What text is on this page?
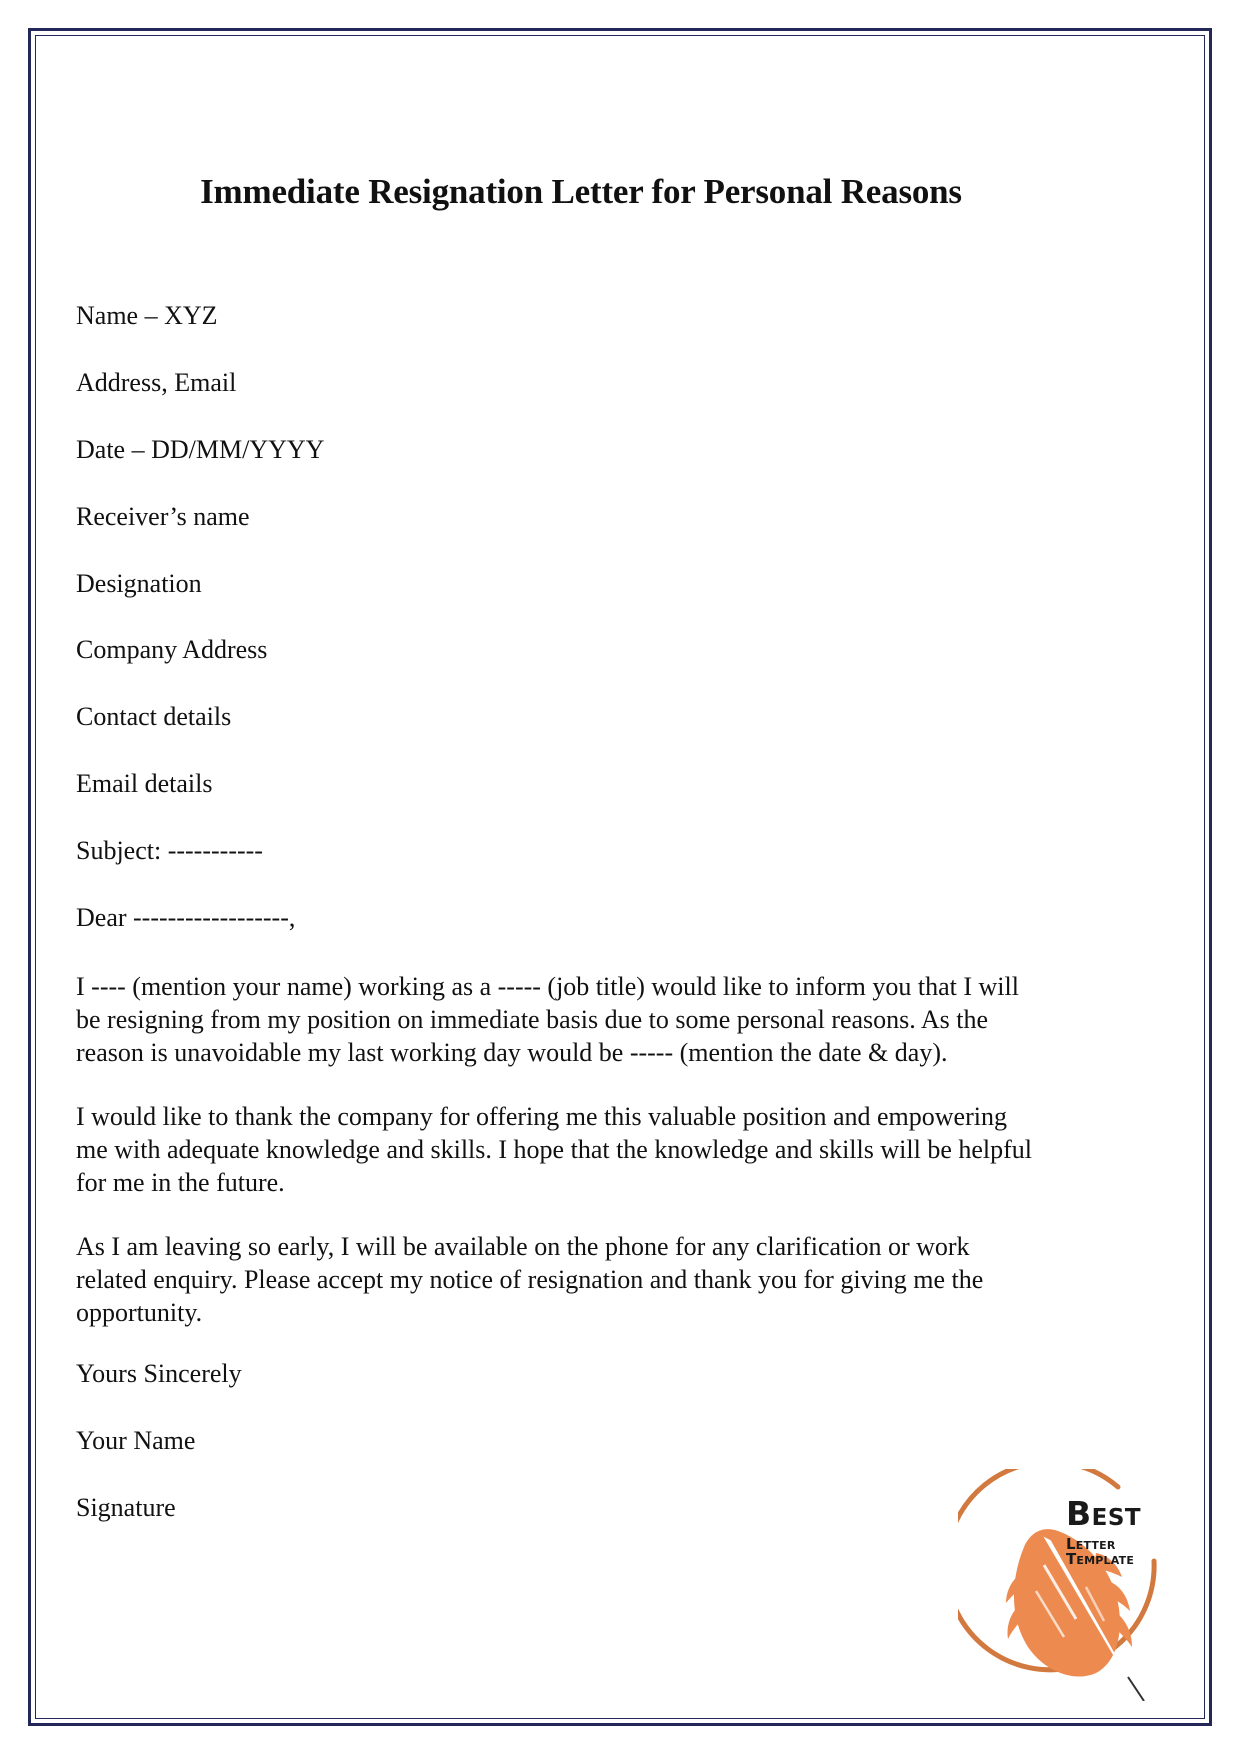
Immediate Resignation Letter for Personal Reasons
Name – XYZ
Address, Email
Date – DD/MM/YYYY
Receiver’s name
Designation
Company Address
Contact details
Email details
Subject: -----------
Dear ------------------,

I ---- (mention your name) working as a ----- (job title) would like to inform you that I will be resigning from my position on immediate basis due to some personal reasons. As the reason is unavoidable my last working day would be ----- (mention the date & day).

I would like to thank the company for offering me this valuable position and empowering me with adequate knowledge and skills. I hope that the knowledge and skills will be helpful for me in the future.

As I am leaving so early, I will be available on the phone for any clarification or work related enquiry. Please accept my notice of resignation and thank you for giving me the opportunity.

Yours Sincerely
Your Name
Signature	Best
Letter Template
